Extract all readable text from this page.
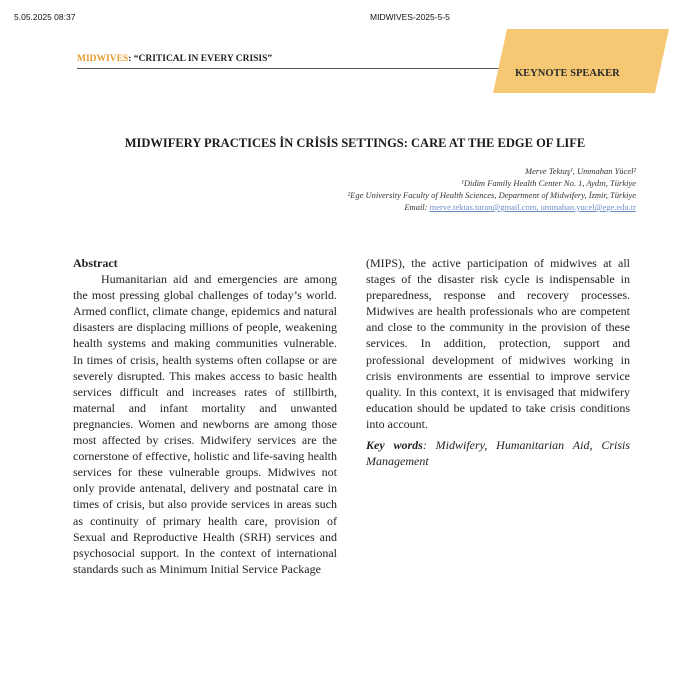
5.05.2025 08:37	MIDWIVES-2025-5-5
MIDWIVES: “CRITICAL IN EVERY CRISIS”
KEYNOTE SPEAKER
MIDWIFERY PRACTICES İN CRİSİS SETTINGS: CARE AT THE EDGE OF LIFE
Merve Tektaş¹, Ummahan Yücel²
¹Didim Family Health Center No. 1, Aydın, Türkiye
²Ege University Faculty of Health Sciences, Department of Midwifery, İzmir, Türkiye
Email: merve.tektas.turan@gmail.com, ummahan.yucel@ege.edu.tr

Abstract

Humanitarian aid and emergencies are among the most pressing global challenges of today’s world. Armed conflict, climate change, epidemics and natural disasters are displacing millions of people, weakening health systems and making communities vulnerable. In times of crisis, health systems often collapse or are severely disrupted. This makes access to basic health services difficult and increases rates of stillbirth, maternal and infant mortality and unwanted pregnancies. Women and newborns are among those most affected by crises. Midwifery services are the cornerstone of effective, holistic and life-saving health services for these vulnerable groups. Midwives not only provide antenatal, delivery and postnatal care in times of crisis, but also provide services in areas such as continuity of primary health care, provision of Sexual and Reproductive Health (SRH) services and psychosocial support. In the context of international standards such as Minimum Initial Service Package

(MIPS), the active participation of midwives at all stages of the disaster risk cycle is indispensable in preparedness, response and recovery processes. Midwives are health professionals who are competent and close to the community in the provision of these services. In addition, protection, support and professional development of midwives working in crisis environments are essential to improve service quality. In this context, it is envisaged that midwifery education should be updated to take crisis conditions into account.

Key words: Midwifery, Humanitarian Aid, Crisis Management
